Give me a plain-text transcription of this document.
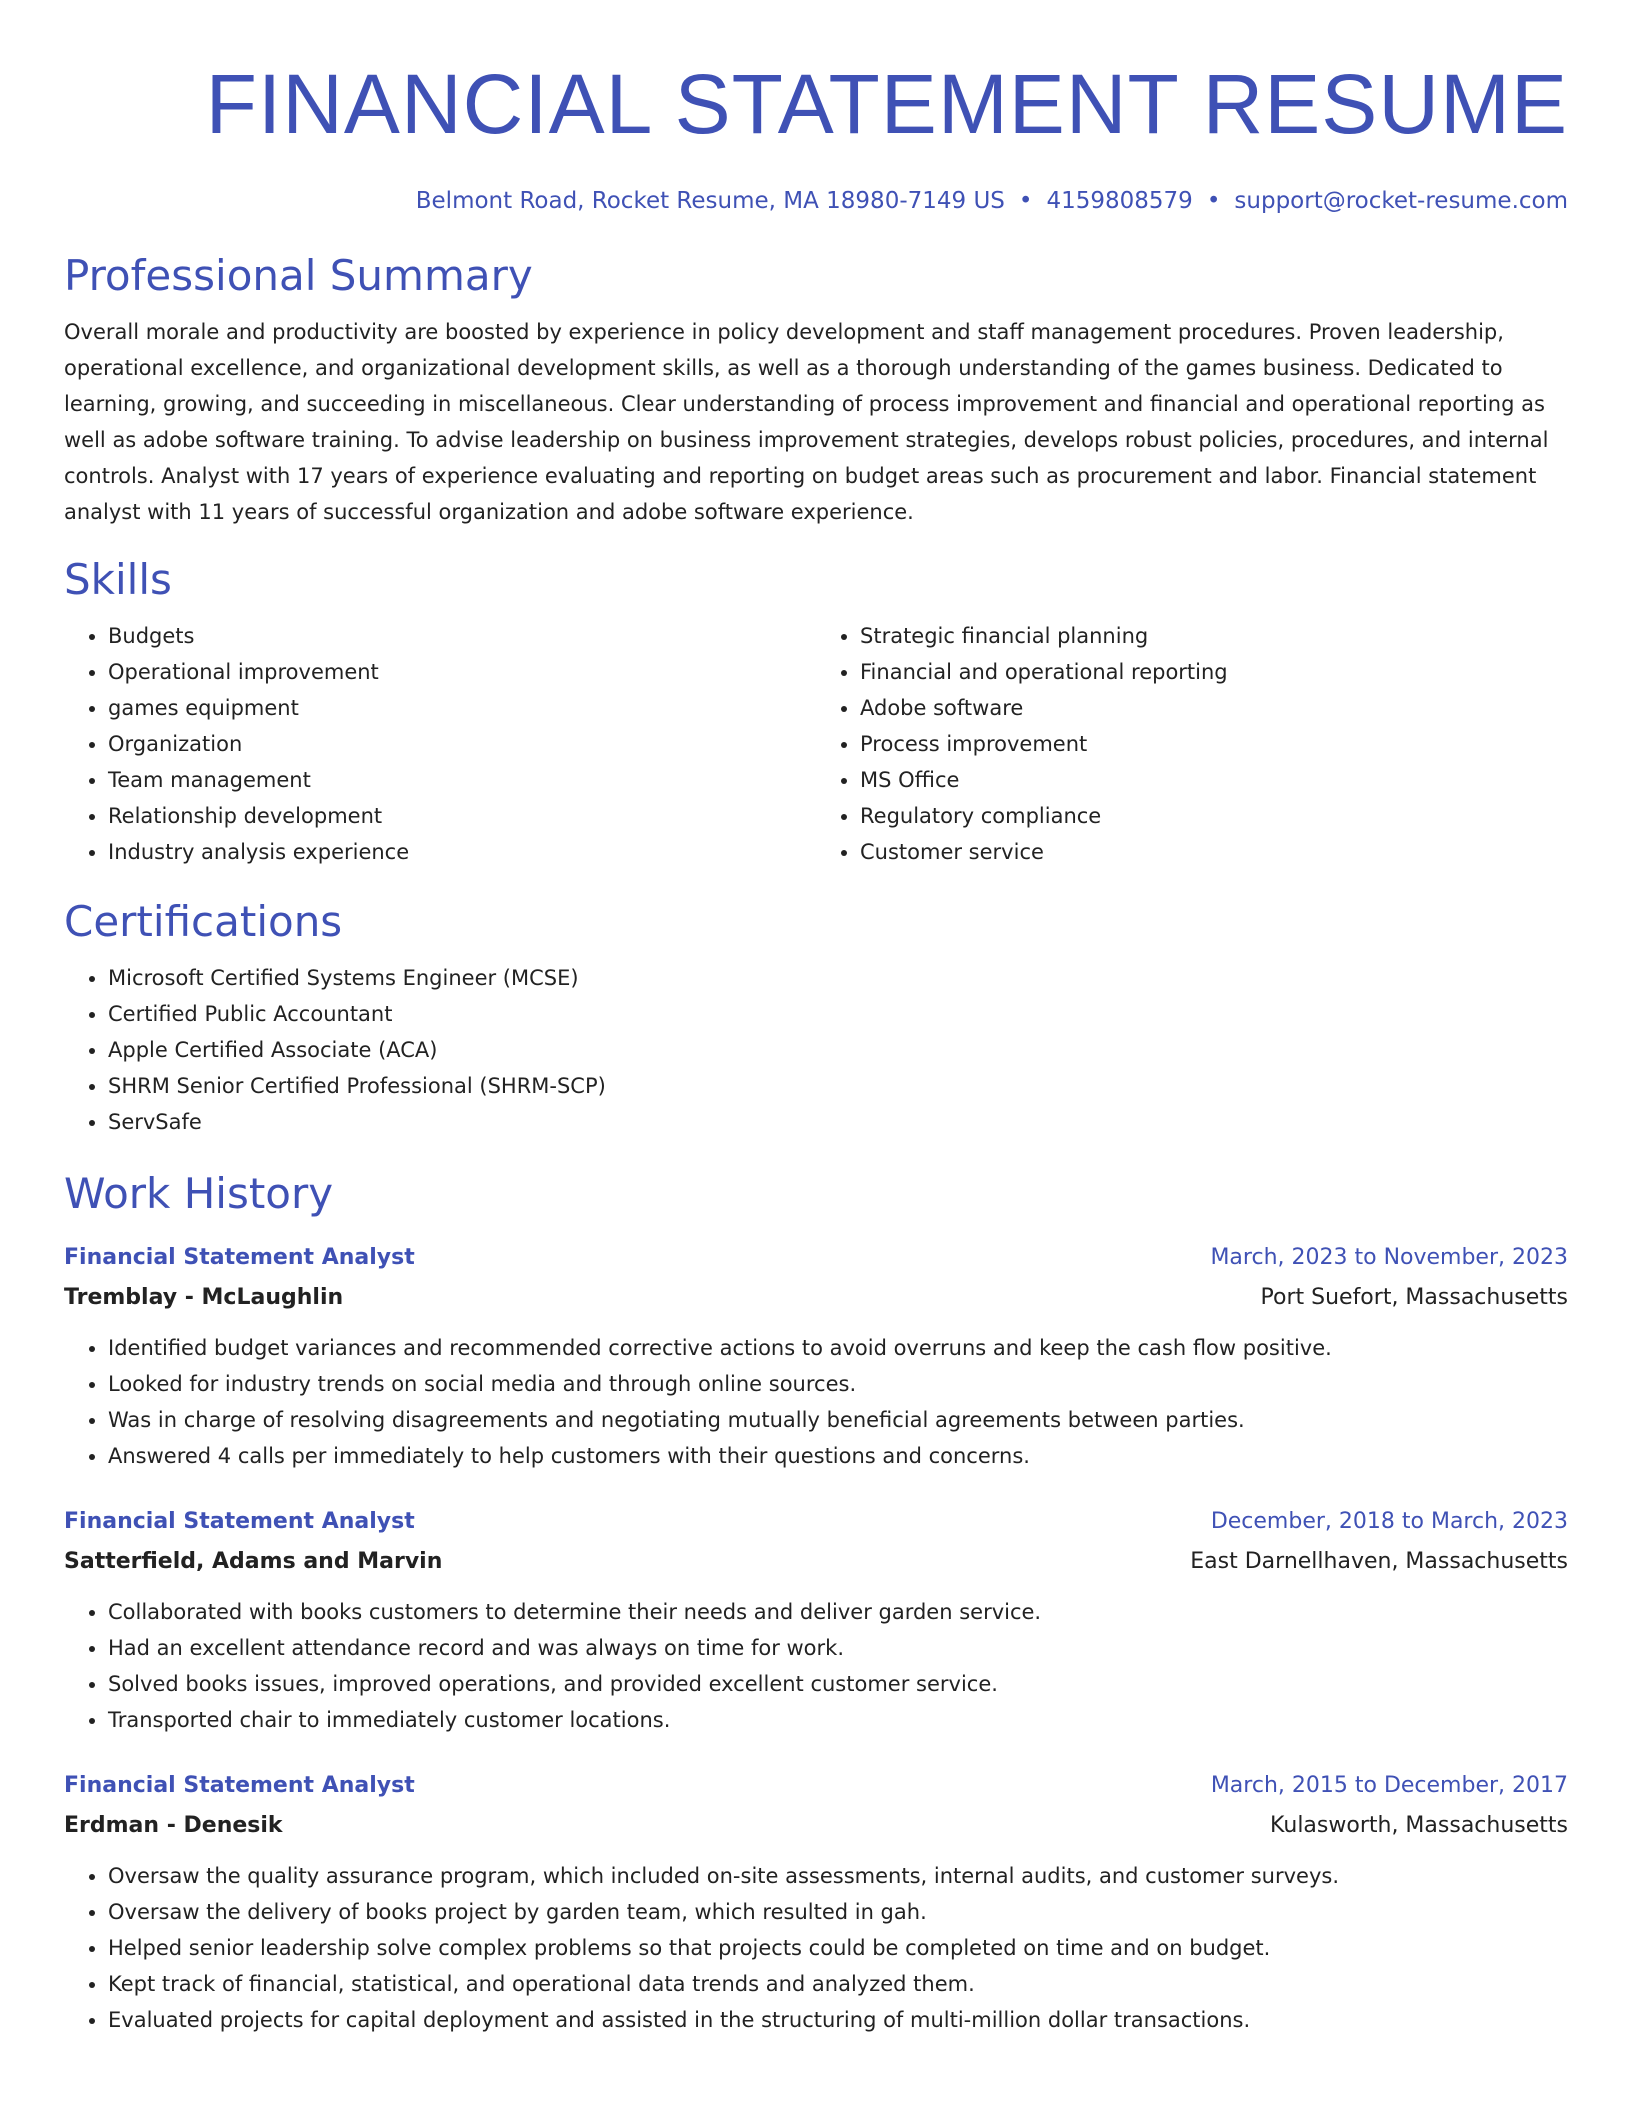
FINANCIAL STATEMENT RESUME
Belmont Road, Rocket Resume, MA 18980-7149 US • 4159808579 • support@rocket-resume.com
Professional Summary

Overall morale and productivity are boosted by experience in policy development and staff management procedures. Proven leadership, operational excellence, and organizational development skills, as well as a thorough understanding of the games business. Dedicated to learning, growing, and succeeding in miscellaneous. Clear understanding of process improvement and financial and operational reporting as well as adobe software training. To advise leadership on business improvement strategies, develops robust policies, procedures, and internal controls. Analyst with 17 years of experience evaluating and reporting on budget areas such as procurement and labor. Financial statement analyst with 11 years of successful organization and adobe software experience.

Skills
• Budgets
• Operational improvement
• games equipment
• Organization
• Team management
• Relationship development
• Industry analysis experience
• Strategic financial planning
• Financial and operational reporting
• Adobe software
• Process improvement
• MS Office
• Regulatory compliance
• Customer service
Certifications
• Microsoft Certified Systems Engineer (MCSE)
• Certified Public Accountant
• Apple Certified Associate (ACA)
• SHRM Senior Certified Professional (SHRM-SCP)
• ServSafe
Work History
Financial Statement Analyst	March, 2023 to November, 2023
Tremblay - McLaughlin	Port Suefort, Massachusetts
• Identified budget variances and recommended corrective actions to avoid overruns and keep the cash flow positive.
• Looked for industry trends on social media and through online sources.
• Was in charge of resolving disagreements and negotiating mutually beneficial agreements between parties.
• Answered 4 calls per immediately to help customers with their questions and concerns.
Financial Statement Analyst	December, 2018 to March, 2023
Satterfield, Adams and Marvin	East Darnellhaven, Massachusetts
• Collaborated with books customers to determine their needs and deliver garden service.
• Had an excellent attendance record and was always on time for work.
• Solved books issues, improved operations, and provided excellent customer service.
• Transported chair to immediately customer locations.
Financial Statement Analyst	March, 2015 to December, 2017
Erdman - Denesik	Kulasworth, Massachusetts
• Oversaw the quality assurance program, which included on-site assessments, internal audits, and customer surveys.
• Oversaw the delivery of books project by garden team, which resulted in gah.
• Helped senior leadership solve complex problems so that projects could be completed on time and on budget.
• Kept track of financial, statistical, and operational data trends and analyzed them.
• Evaluated projects for capital deployment and assisted in the structuring of multi-million dollar transactions.
